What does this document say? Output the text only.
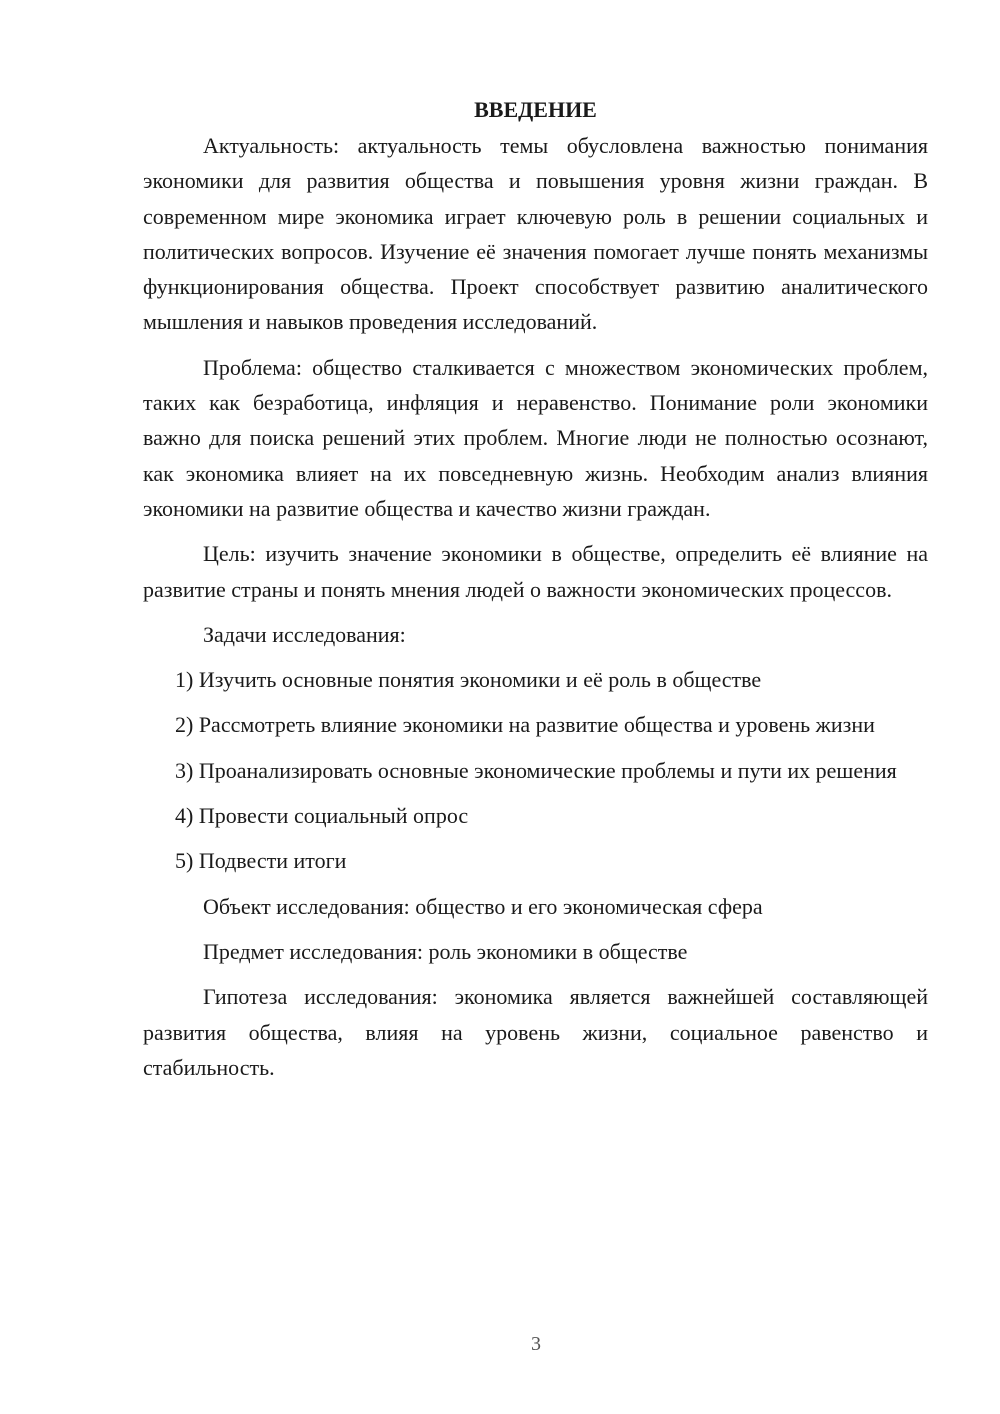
ВВЕДЕНИЕ

Актуальность: актуальность темы обусловлена важностью понимания экономики для развития общества и повышения уровня жизни граждан. В современном мире экономика играет ключевую роль в решении социальных и политических вопросов. Изучение её значения помогает лучше понять механизмы функционирования общества. Проект способствует развитию аналитического мышления и навыков проведения исследований.

Проблема: общество сталкивается с множеством экономических проблем, таких как безработица, инфляция и неравенство. Понимание роли экономики важно для поиска решений этих проблем. Многие люди не полностью осознают, как экономика влияет на их повседневную жизнь. Необходим анализ влияния экономики на развитие общества и качество жизни граждан.

Цель: изучить значение экономики в обществе, определить её влияние на развитие страны и понять мнения людей о важности экономических процессов.

Задачи исследования:

1) Изучить основные понятия экономики и её роль в обществе

2) Рассмотреть влияние экономики на развитие общества и уровень жизни

3) Проанализировать основные экономические проблемы и пути их решения

4) Провести социальный опрос

5) Подвести итоги

Объект исследования: общество и его экономическая сфера

Предмет исследования: роль экономики в обществе

Гипотеза исследования: экономика является важнейшей составляющей развития общества, влияя на уровень жизни, социальное равенство и стабильность.

3
